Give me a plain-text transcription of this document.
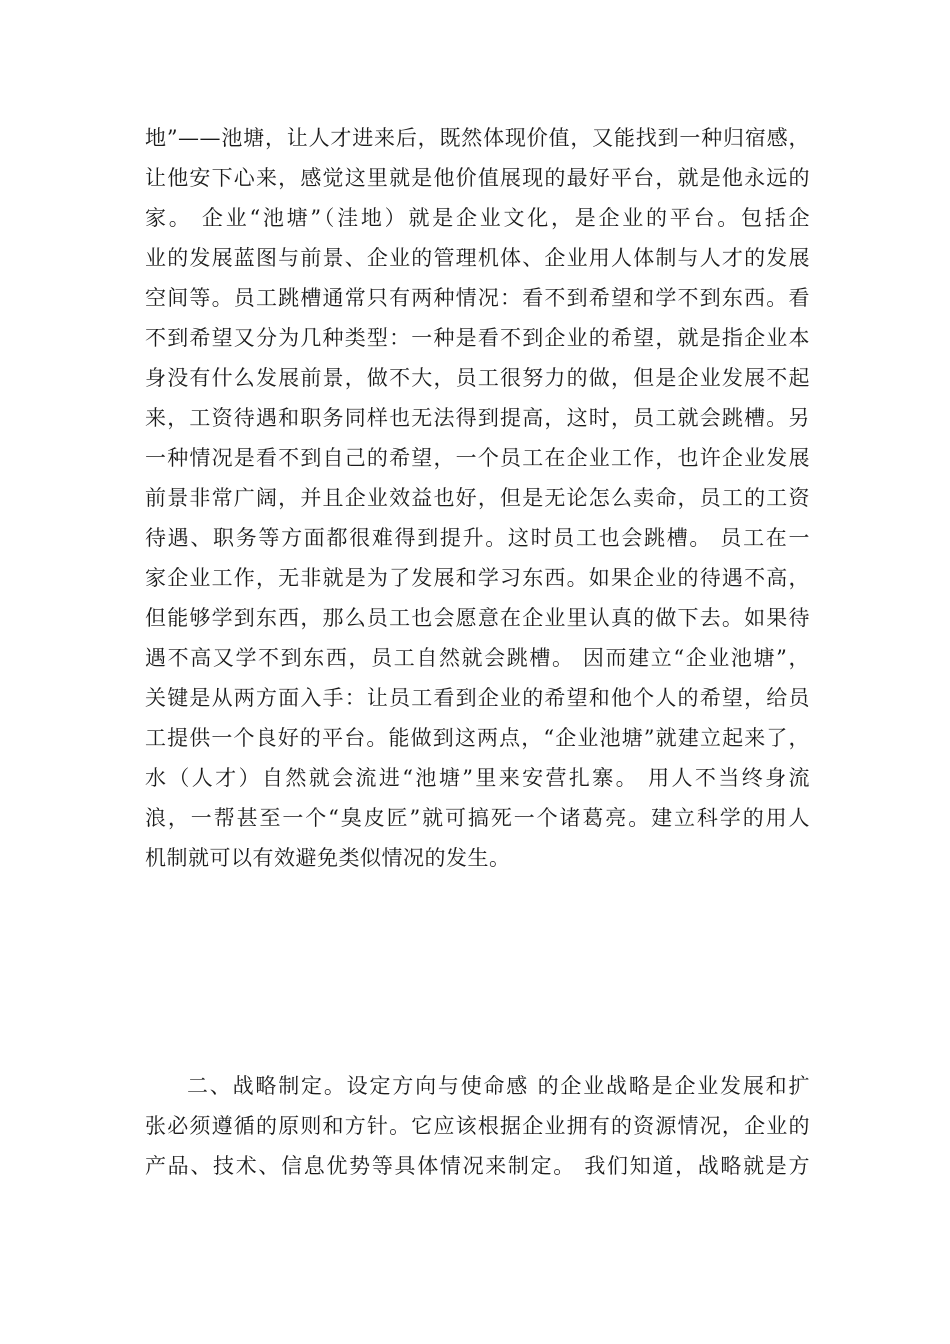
地”——池塘，让人才进来后，既然体现价值，又能找到一种归宿感，
让他安下心来，感觉这里就是他价值展现的最好平台，就是他永远的
家。 企业“池塘”（洼地）就是企业文化，是企业的平台。包括企
业的发展蓝图与前景、企业的管理机体、企业用人体制与人才的发展
空间等。员工跳槽通常只有两种情况：看不到希望和学不到东西。看
不到希望又分为几种类型：一种是看不到企业的希望，就是指企业本
身没有什么发展前景，做不大，员工很努力的做，但是企业发展不起
来，工资待遇和职务同样也无法得到提高，这时，员工就会跳槽。另
一种情况是看不到自己的希望，一个员工在企业工作，也许企业发展
前景非常广阔，并且企业效益也好，但是无论怎么卖命，员工的工资
待遇、职务等方面都很难得到提升。这时员工也会跳槽。 员工在一
家企业工作，无非就是为了发展和学习东西。如果企业的待遇不高，
但能够学到东西，那么员工也会愿意在企业里认真的做下去。如果待
遇不高又学不到东西，员工自然就会跳槽。 因而建立“企业池塘”，
关键是从两方面入手：让员工看到企业的希望和他个人的希望，给员
工提供一个良好的平台。能做到这两点，“企业池塘”就建立起来了，
水（人才）自然就会流进“池塘”里来安营扎寨。 用人不当终身流
浪，一帮甚至一个“臭皮匠”就可搞死一个诸葛亮。建立科学的用人
机制就可以有效避免类似情况的发生。
二、战略制定。设定方向与使命感 的企业战略是企业发展和扩
张必须遵循的原则和方针。它应该根据企业拥有的资源情况，企业的
产品、技术、信息优势等具体情况来制定。 我们知道，战略就是方
